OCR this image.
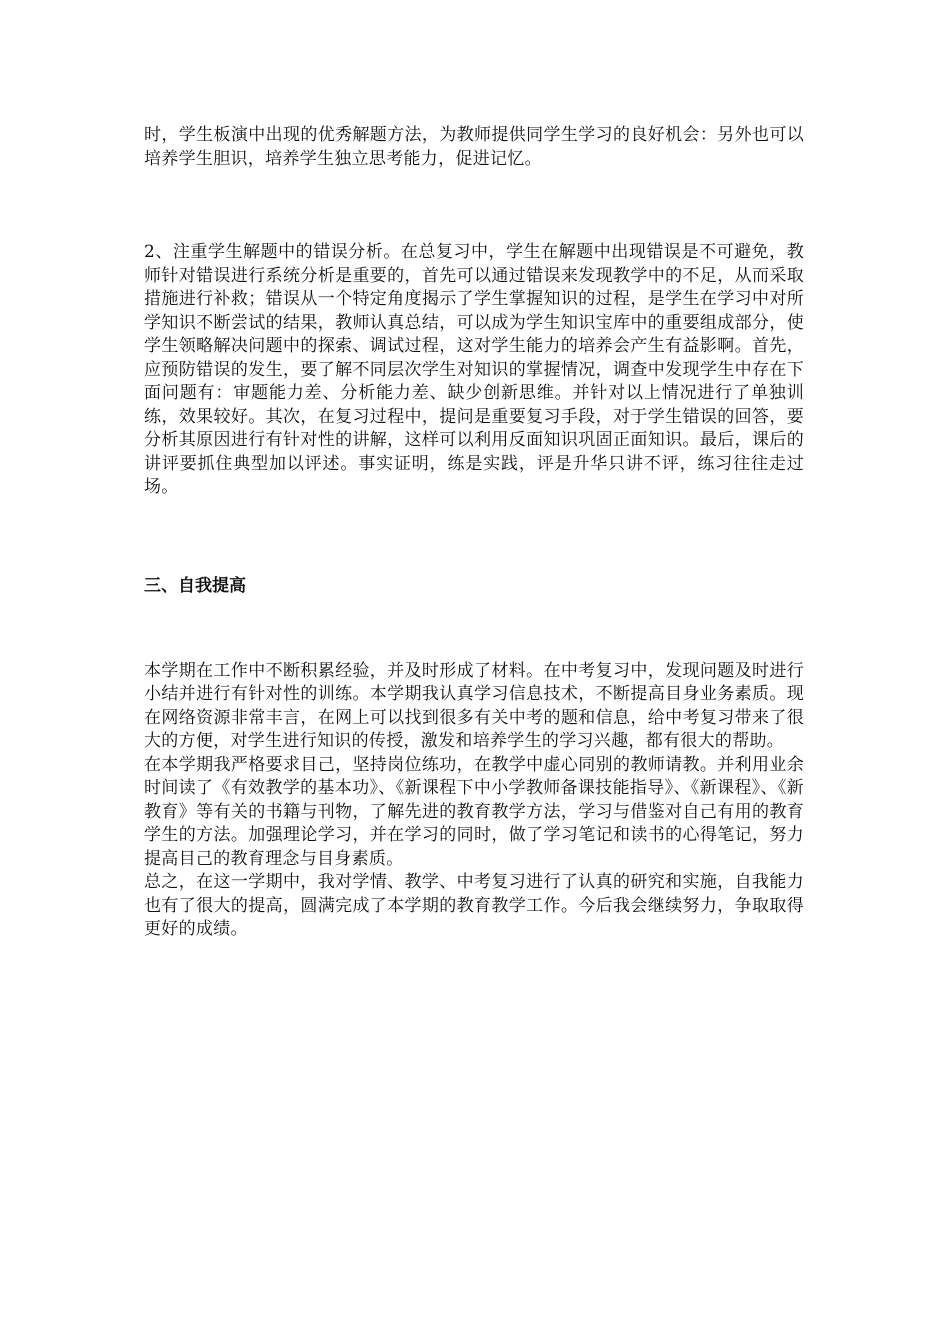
时，学生板演中出现的优秀解题方法，为教师提供同学生学习的良好机会：另外也可以培养学生胆识，培养学生独立思考能力，促进记忆。

2、注重学生解题中的错误分析。在总复习中，学生在解题中出现错误是不可避免，教师针对错误进行系统分析是重要的，首先可以通过错误来发现教学中的不足，从而采取措施进行补救；错误从一个特定角度揭示了学生掌握知识的过程，是学生在学习中对所学知识不断尝试的结果，教师认真总结，可以成为学生知识宝库中的重要组成部分，使学生领略解决问题中的探索、调试过程，这对学生能力的培养会产生有益影啊。首先，应预防错误的发生，要了解不同层次学生对知识的掌握情况，调查中发现学生中存在下面问题有：审题能力差、分析能力差、缺少创新思维。并针对以上情况进行了单独训练，效果较好。其次，在复习过程中，提问是重要复习手段，对于学生错误的回答，要分析其原因进行有针对性的讲解，这样可以利用反面知识巩固正面知识。最后，课后的讲评要抓住典型加以评述。事实证明，练是实践，评是升华只讲不评，练习往往走过场。

三、自我提高

本学期在工作中不断积累经验，并及时形成了材料。在中考复习中，发现问题及时进行小结并进行有针对性的训练。本学期我认真学习信息技术，不断提高目身业务素质。现在网络资源非常丰言，在网上可以找到很多有关中考的题和信息，给中考复习带来了很大的方便，对学生进行知识的传授，激发和培养学生的学习兴趣，都有很大的帮助。

在本学期我严格要求目己，坚持岗位练功，在教学中虚心同别的教师请教。并利用业余时间读了《有效教学的基本功》、《新课程下中小学教师备课技能指导》、《新课程》、《新教育》等有关的书籍与刊物，了解先进的教育教学方法，学习与借鉴对自己有用的教育学生的方法。加强理论学习，并在学习的同时，做了学习笔记和读书的心得笔记，努力提高目己的教育理念与目身素质。

总之，在这一学期中，我对学情、教学、中考复习进行了认真的研究和实施，自我能力也有了很大的提高，圆满完成了本学期的教育教学工作。今后我会继续努力，争取取得更好的成绩。
